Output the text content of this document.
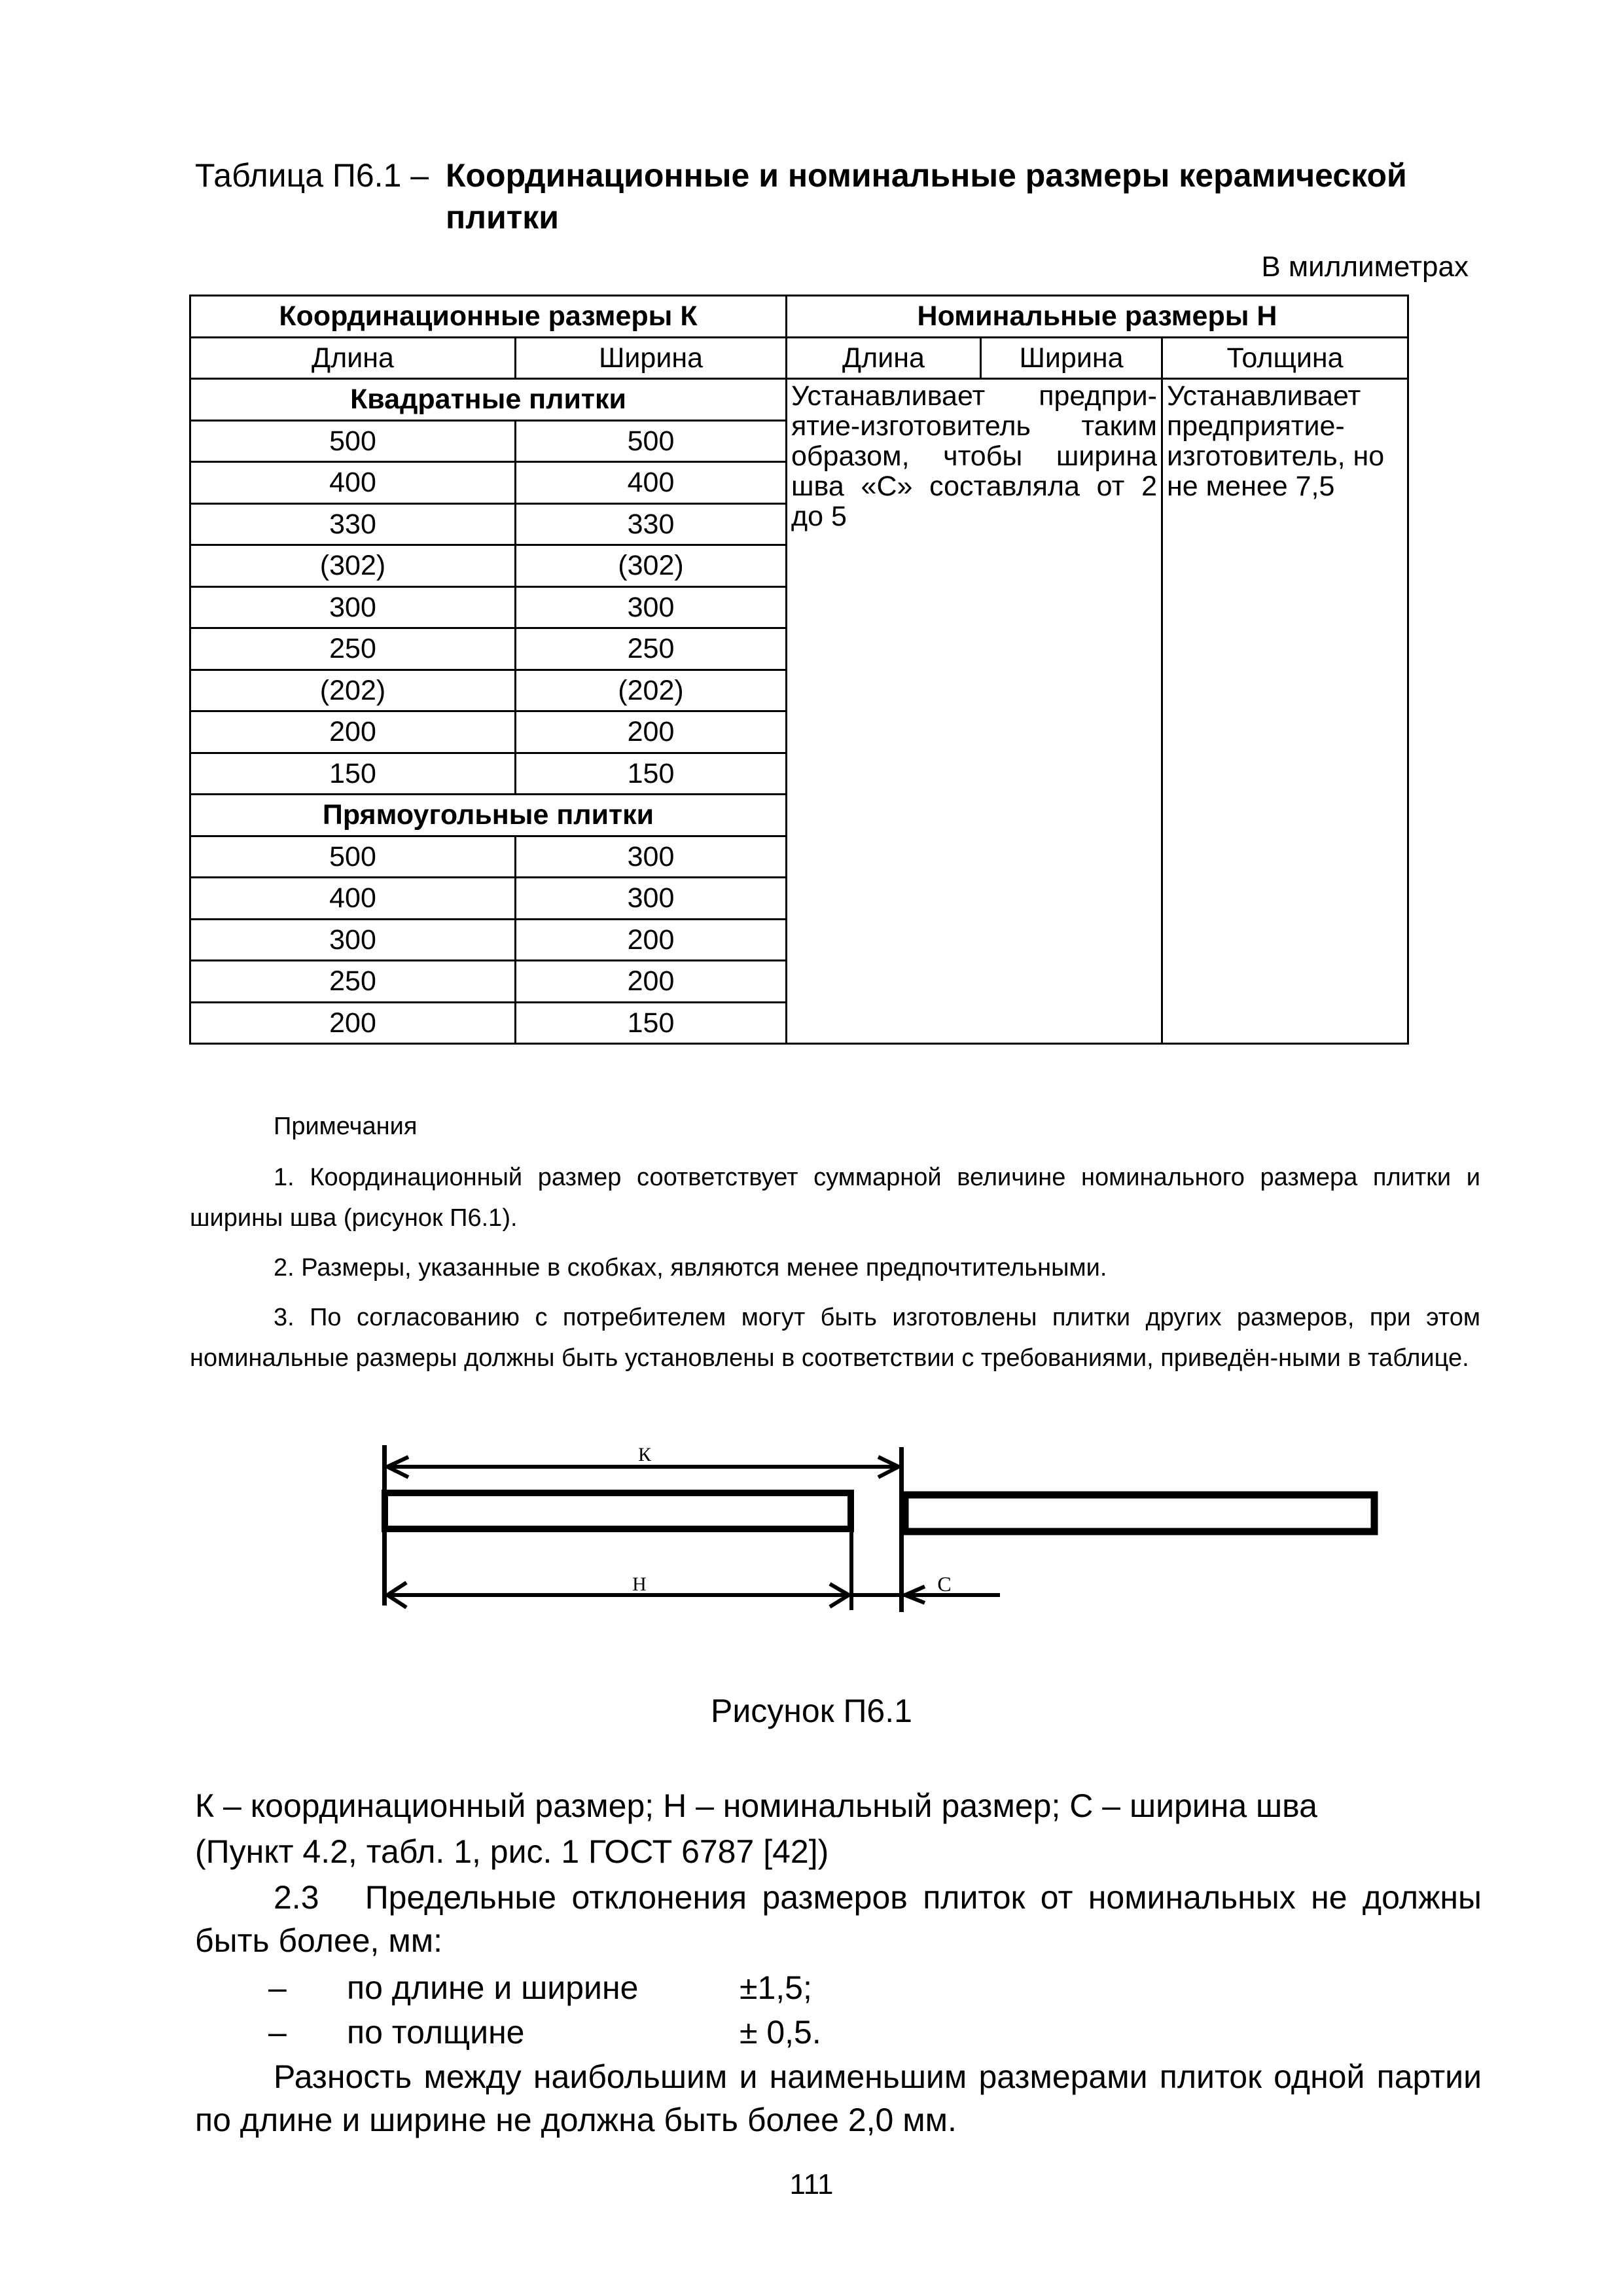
Таблица П6.1 – Координационные и номинальные размеры керамической
плитки
В миллиметрах
Координационные размеры К		Номинальные размеры Н		
Длина	Ширина	Длина	Ширина	Толщина
Квадратные плитки		Устанавливает предпри-ятие-изготовитель таким образом, чтобы ширина шва «С» составляла от 2 до 5		Устанавливает предприятие-изготовитель, но не менее 7,5
500	500			
400	400			
330	330			
(302)	(302)			
300	300			
250	250			
(202)	(202)			
200	200			
150	150			
Прямоугольные плитки				
500	300			
400	300			
300	200			
250	200			
200	150			

Примечания

1. Координационный размер соответствует суммарной величине номинального размера плитки и ширины шва (рисунок П6.1).

2. Размеры, указанные в скобках, являются менее предпочтительными.

3. По согласованию с потребителем могут быть изготовлены плитки других размеров, при этом номинальные размеры должны быть установлены в соответствии с требованиями, приведён-ными в таблице.

К
Н	С
Рисунок П6.1
К – координационный размер; Н – номинальный размер; С – ширина шва
(Пункт 4.2, табл. 1, рис. 1 ГОСТ 6787 [42])
2.3 Предельные отклонения размеров плиток от номинальных не должны быть более, мм:
– по длине и ширине	±1,5;
– по толщине	± 0,5.
Разность между наибольшим и наименьшим размерами плиток одной партии по длине и ширине не должна быть более 2,0 мм.
111
